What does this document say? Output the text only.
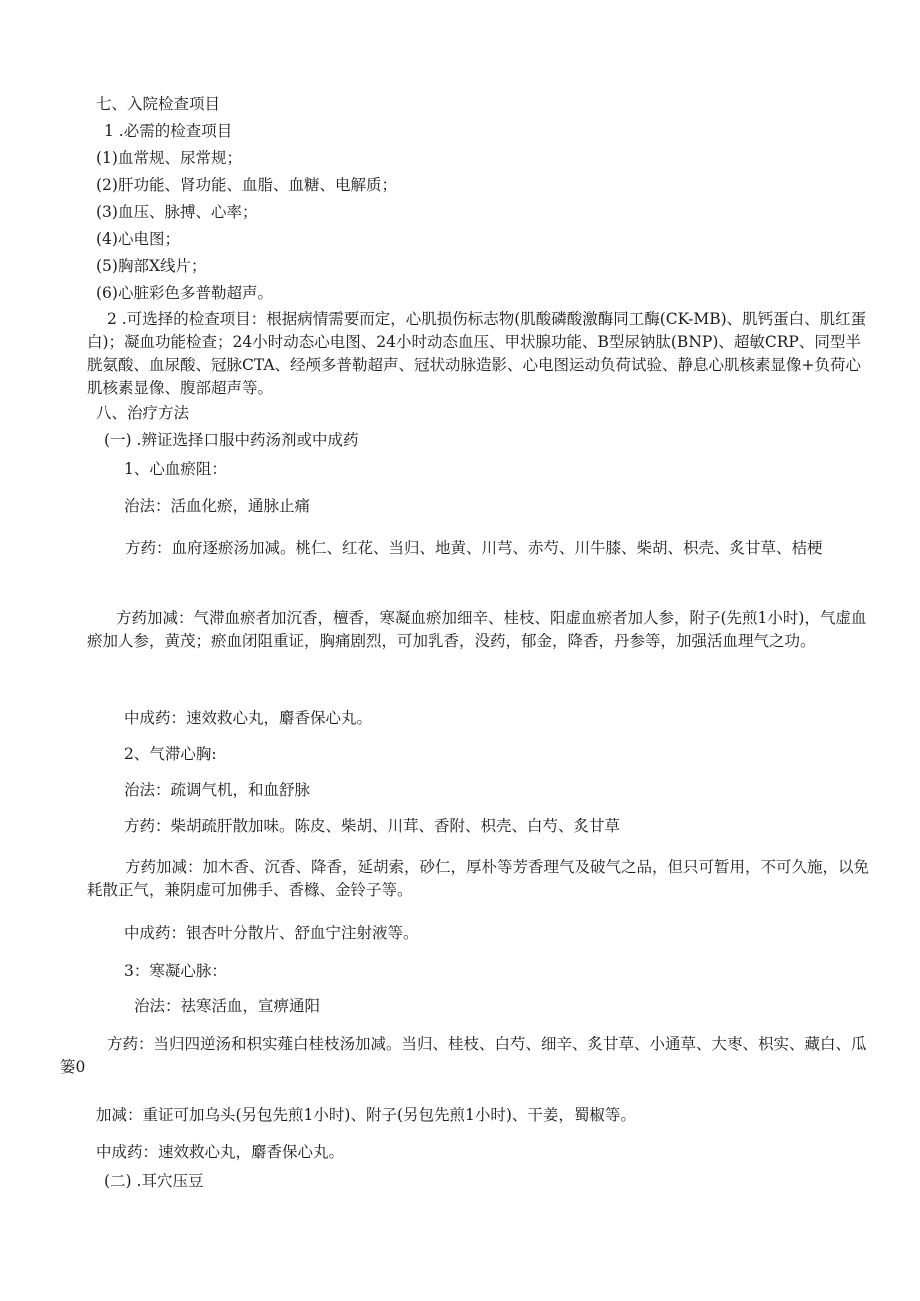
七、入院检查项目
1 .必需的检查项目
(1)血常规、尿常规；
(2)肝功能、肾功能、血脂、血糖、电解质；
(3)血压、脉搏、心率；
(4)心电图；
(5)胸部X线片；
(6)心脏彩色多普勒超声。
2 .可选择的检查项目：根据病情需要而定，心肌损伤标志物(肌酸磷酸激酶同工酶(CK-MB)、肌钙蛋白、肌红蛋白)；凝血功能检查；24小时动态心电图、24小时动态血压、甲状腺功能、B型尿钠肽(BNP)、超敏CRP、同型半胱氨酸、血尿酸、冠脉CTA、经颅多普勒超声、冠状动脉造影、心电图运动负荷试验、静息心肌核素显像+负荷心肌核素显像、腹部超声等。
八、治疗方法
(一) .辨证选择口服中药汤剂或中成药
1、心血瘀阻：
治法：活血化瘀，通脉止痛
方药：血府逐瘀汤加减。桃仁、红花、当归、地黄、川芎、赤芍、川牛膝、柴胡、枳壳、炙甘草、桔梗
方药加减：气滞血瘀者加沉香，檀香，寒凝血瘀加细辛、桂枝、阳虚血瘀者加人参，附子(先煎1小时)，气虚血瘀加人参，黄茂；瘀血闭阻重证，胸痛剧烈，可加乳香，没药，郁金，降香，丹参等，加强活血理气之功。
中成药：速效救心丸，麝香保心丸。
2、气滞心胸:
治法：疏调气机，和血舒脉
方药：柴胡疏肝散加味。陈皮、柴胡、川茸、香附、枳壳、白芍、炙甘草
方药加减：加木香、沉香、降香，延胡索，砂仁，厚朴等芳香理气及破气之品，但只可暂用，不可久施，以免耗散正气，兼阴虚可加佛手、香橼、金铃子等。
中成药：银杏叶分散片、舒血宁注射液等。
3：寒凝心脉：
治法：祛寒活血，宣痹通阳
方药：当归四逆汤和枳实薤白桂枝汤加减。当归、桂枝、白芍、细辛、炙甘草、小通草、大枣、枳实、藏白、瓜篓0
加减：重证可加乌头(另包先煎1小时)、附子(另包先煎1小时)、干姜，蜀椒等。
中成药：速效救心丸，麝香保心丸。
(二) .耳穴压豆
